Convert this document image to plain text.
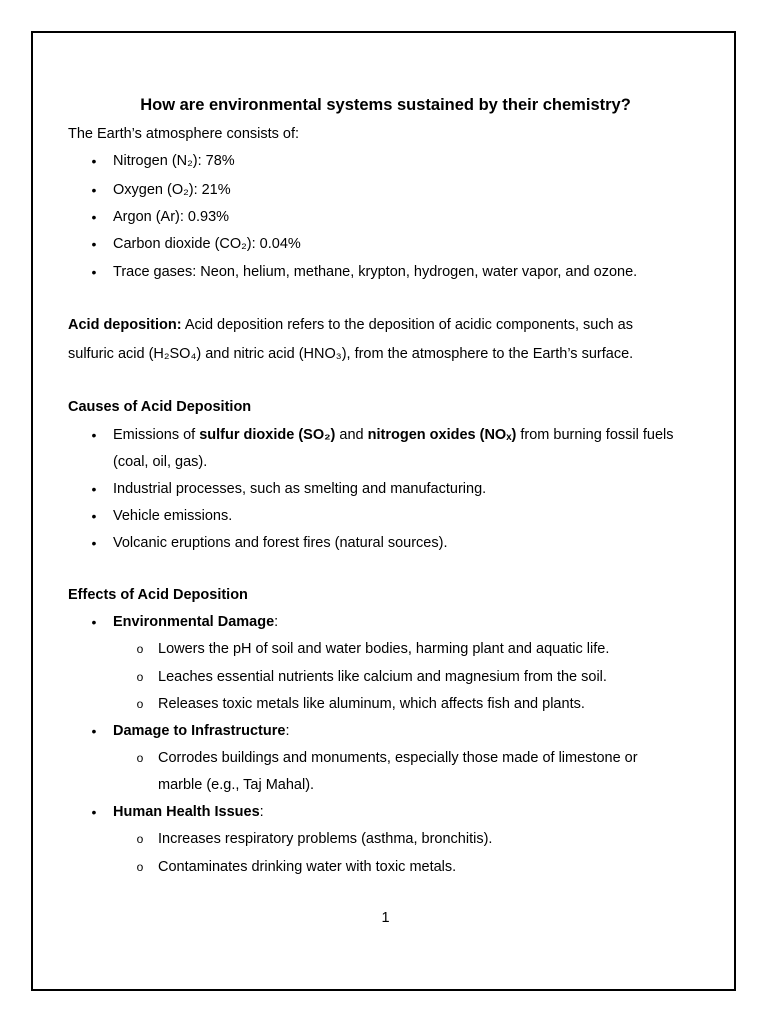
How are environmental systems sustained by their chemistry?

The Earth’s atmosphere consists of:

• Nitrogen (N₂): 78%

• Oxygen (O₂): 21%

• Argon (Ar): 0.93%

• Carbon dioxide (CO₂): 0.04%

• Trace gases: Neon, helium, methane, krypton, hydrogen, water vapor, and ozone.

Acid deposition: Acid deposition refers to the deposition of acidic components, such as

sulfuric acid (H₂SO₄) and nitric acid (HNO₃), from the atmosphere to the Earth’s surface.

Causes of Acid Deposition

• Emissions of sulfur dioxide (SO₂) and nitrogen oxides (NOₓ) from burning fossil fuels

(coal, oil, gas).

• Industrial processes, such as smelting and manufacturing.

• Vehicle emissions.

• Volcanic eruptions and forest fires (natural sources).

Effects of Acid Deposition

• Environmental Damage:

o Lowers the pH of soil and water bodies, harming plant and aquatic life.

o Leaches essential nutrients like calcium and magnesium from the soil.

o Releases toxic metals like aluminum, which affects fish and plants.

• Damage to Infrastructure:

o Corrodes buildings and monuments, especially those made of limestone or

marble (e.g., Taj Mahal).

• Human Health Issues:

o Increases respiratory problems (asthma, bronchitis).

o Contaminates drinking water with toxic metals.

1
